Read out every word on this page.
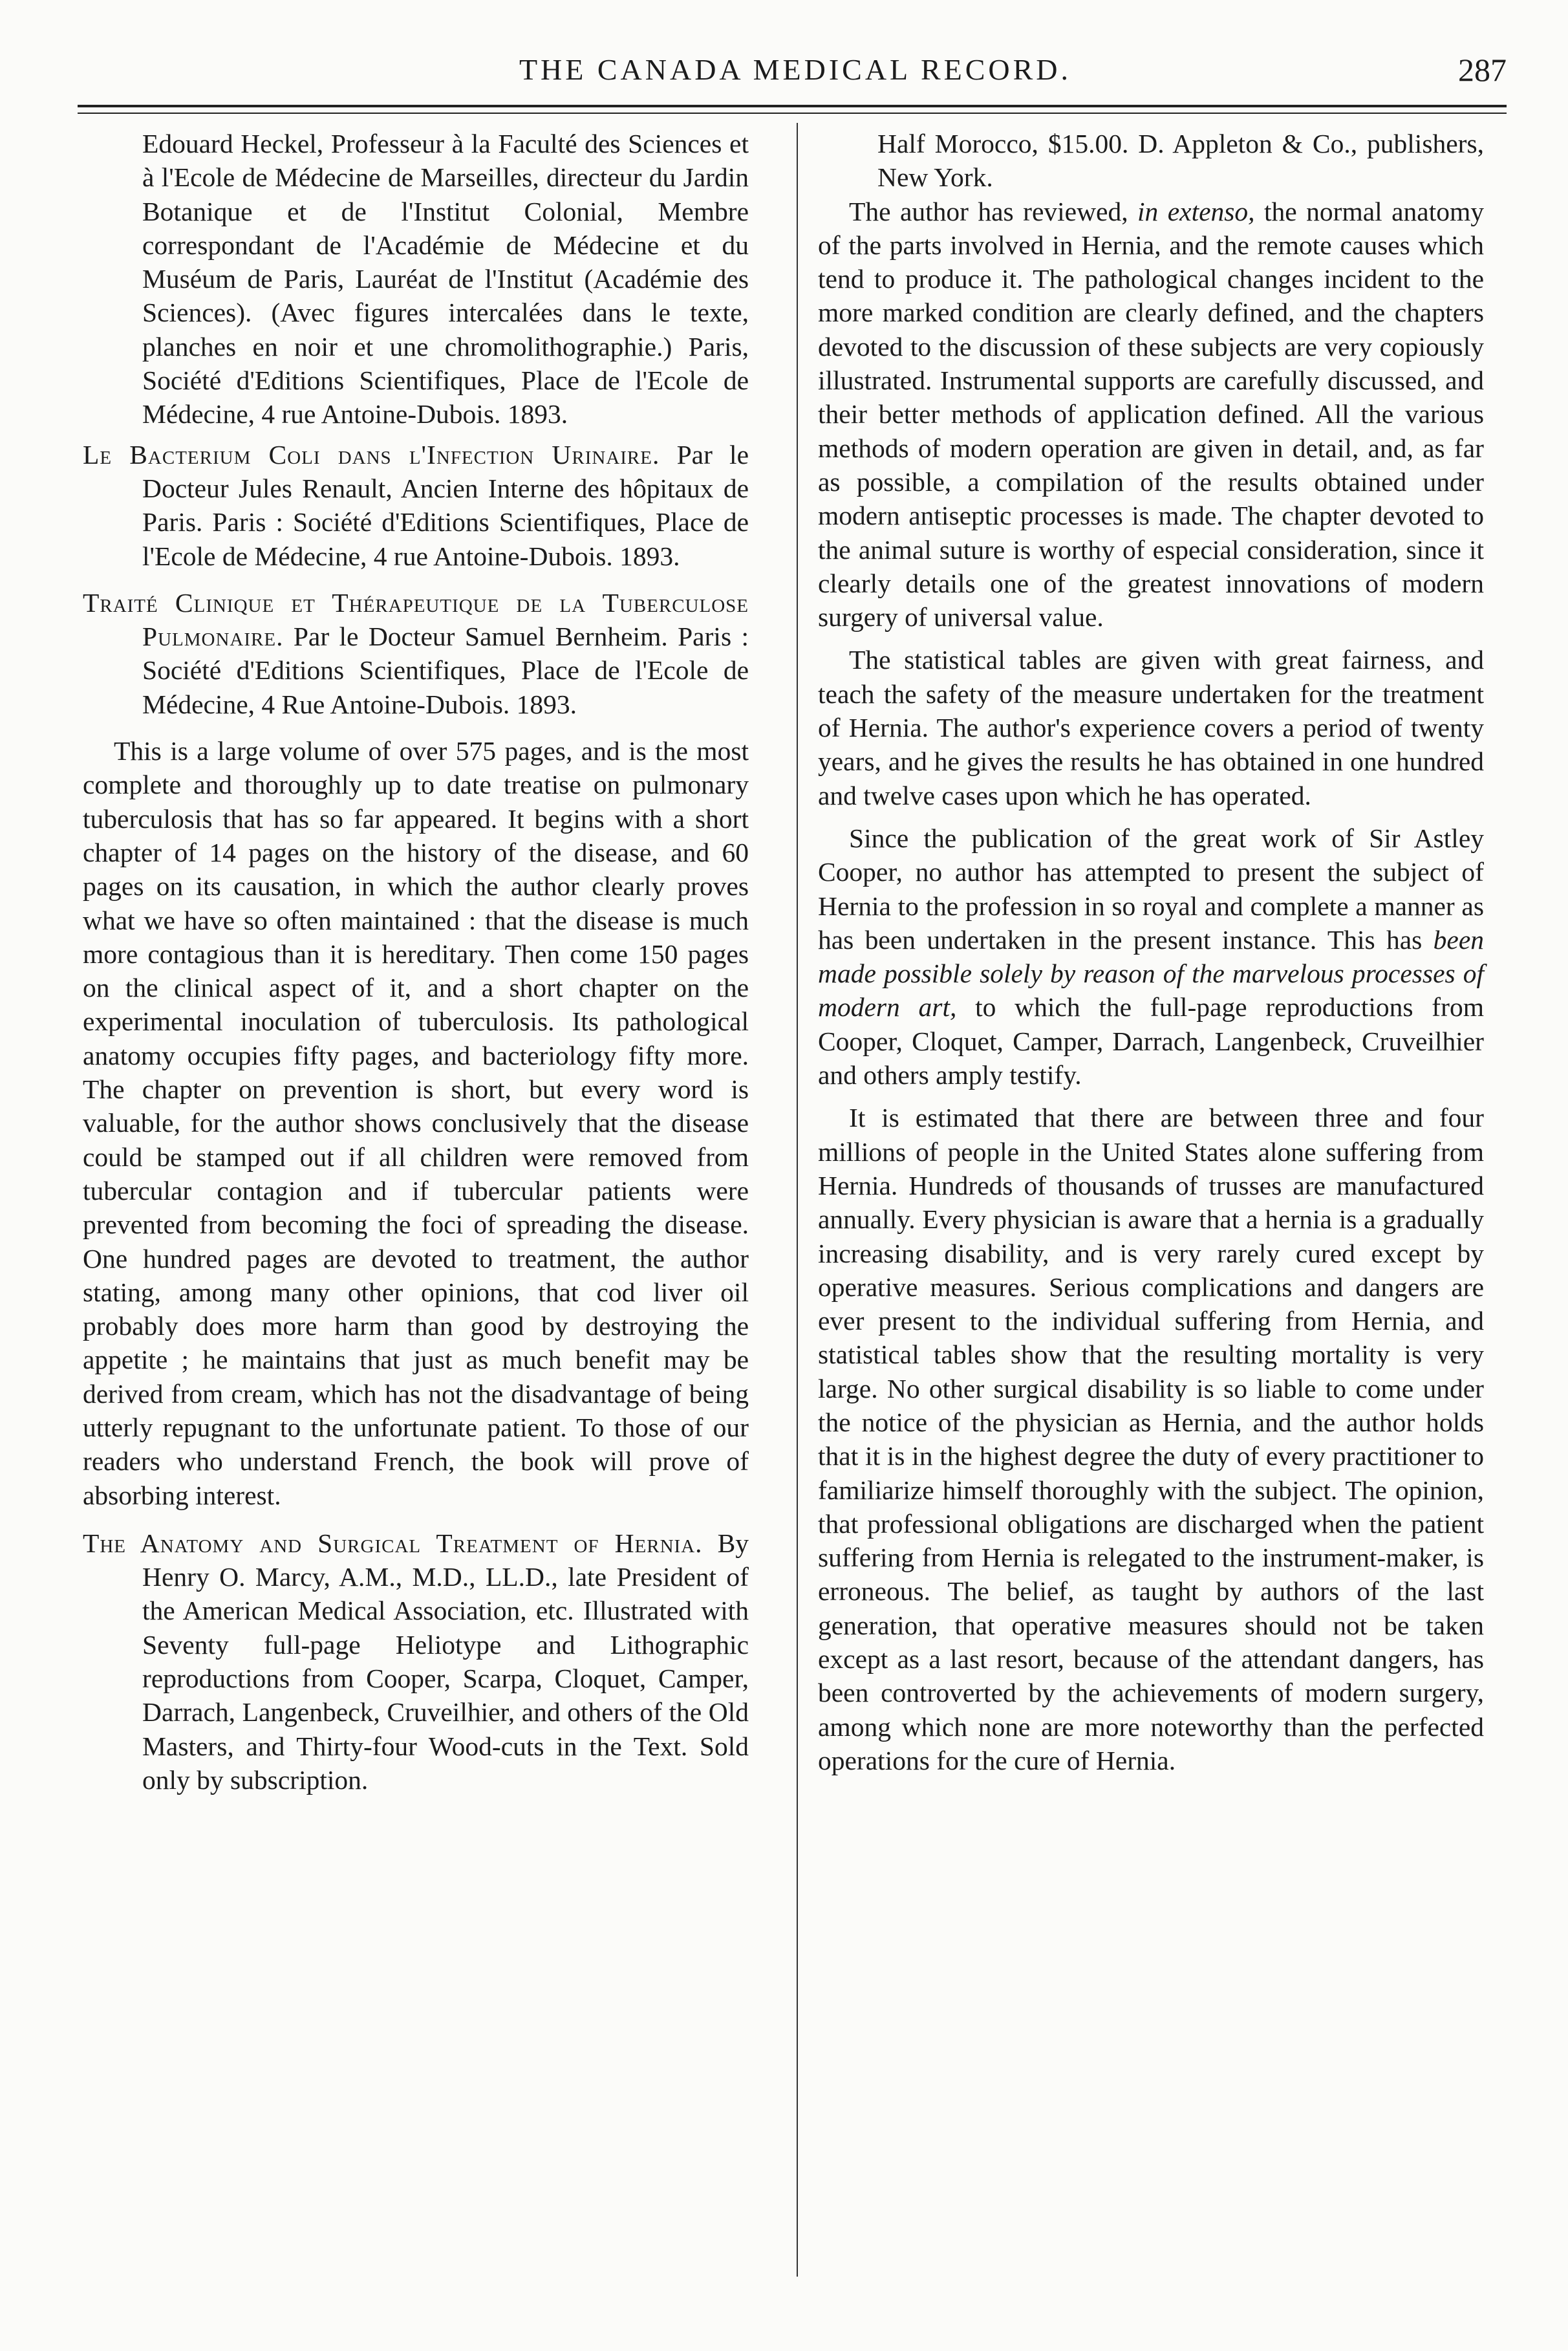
THE CANADA MEDICAL RECORD.	287

Edouard Heckel, Professeur à la Faculté des Sciences et à l'Ecole de Médecine de Marseilles, directeur du Jardin Botanique et de l'Institut Colonial, Membre correspondant de l'Académie de Médecine et du Muséum de Paris, Lauréat de l'Institut (Académie des Sciences). (Avec figures intercalées dans le texte, planches en noir et une chromolithographie.) Paris, Société d'Editions Scientifiques, Place de l'Ecole de Médecine, 4 rue Antoine-Dubois. 1893.

Le Bacterium Coli dans l'Infection Urinaire. Par le Docteur Jules Renault, Ancien Interne des hôpitaux de Paris. Paris : Société d'Editions Scientifiques, Place de l'Ecole de Médecine, 4 rue Antoine-Dubois. 1893.

Traité Clinique et Thérapeutique de la Tuberculose Pulmonaire. Par le Docteur Samuel Bernheim. Paris : Société d'Editions Scientifiques, Place de l'Ecole de Médecine, 4 Rue Antoine-Dubois. 1893.

This is a large volume of over 575 pages, and is the most complete and thoroughly up to date treatise on pulmonary tuberculosis that has so far appeared. It begins with a short chapter of 14 pages on the history of the disease, and 60 pages on its causation, in which the author clearly proves what we have so often maintained : that the disease is much more contagious than it is hereditary. Then come 150 pages on the clinical aspect of it, and a short chapter on the experimental inoculation of tuberculosis. Its pathological anatomy occupies fifty pages, and bacteriology fifty more. The chapter on prevention is short, but every word is valuable, for the author shows conclusively that the disease could be stamped out if all children were removed from tubercular contagion and if tubercular patients were prevented from becoming the foci of spreading the disease. One hundred pages are devoted to treatment, the author stating, among many other opinions, that cod liver oil probably does more harm than good by destroying the appetite ; he maintains that just as much benefit may be derived from cream, which has not the disadvantage of being utterly repugnant to the unfortunate patient. To those of our readers who understand French, the book will prove of absorbing interest.

The Anatomy and Surgical Treatment of Hernia. By Henry O. Marcy, A.M., M.D., LL.D., late President of the American Medical Association, etc. Illustrated with Seventy full-page Heliotype and Lithographic reproductions from Cooper, Scarpa, Cloquet, Camper, Darrach, Langenbeck, Cruveilhier, and others of the Old Masters, and Thirty-four Wood-cuts in the Text. Sold only by subscription.

Half Morocco, $15.00. D. Appleton & Co., publishers, New York.

The author has reviewed, in extenso, the normal anatomy of the parts involved in Hernia, and the remote causes which tend to produce it. The pathological changes incident to the more marked condition are clearly defined, and the chapters devoted to the discussion of these subjects are very copiously illustrated. Instrumental supports are carefully discussed, and their better methods of application defined. All the various methods of modern operation are given in detail, and, as far as possible, a compilation of the results obtained under modern antiseptic processes is made. The chapter devoted to the animal suture is worthy of especial consideration, since it clearly details one of the greatest innovations of modern surgery of universal value.

The statistical tables are given with great fairness, and teach the safety of the measure undertaken for the treatment of Hernia. The author's experience covers a period of twenty years, and he gives the results he has obtained in one hundred and twelve cases upon which he has operated.

Since the publication of the great work of Sir Astley Cooper, no author has attempted to present the subject of Hernia to the profession in so royal and complete a manner as has been undertaken in the present instance. This has been made possible solely by reason of the marvelous processes of modern art, to which the full-page reproductions from Cooper, Cloquet, Camper, Darrach, Langenbeck, Cruveilhier and others amply testify.

It is estimated that there are between three and four millions of people in the United States alone suffering from Hernia. Hundreds of thousands of trusses are manufactured annually. Every physician is aware that a hernia is a gradually increasing disability, and is very rarely cured except by operative measures. Serious complications and dangers are ever present to the individual suffering from Hernia, and statistical tables show that the resulting mortality is very large. No other surgical disability is so liable to come under the notice of the physician as Hernia, and the author holds that it is in the highest degree the duty of every practitioner to familiarize himself thoroughly with the subject. The opinion, that professional obligations are discharged when the patient suffering from Hernia is relegated to the instrument-maker, is erroneous. The belief, as taught by authors of the last generation, that operative measures should not be taken except as a last resort, because of the attendant dangers, has been controverted by the achievements of modern surgery, among which none are more noteworthy than the perfected operations for the cure of Hernia.
